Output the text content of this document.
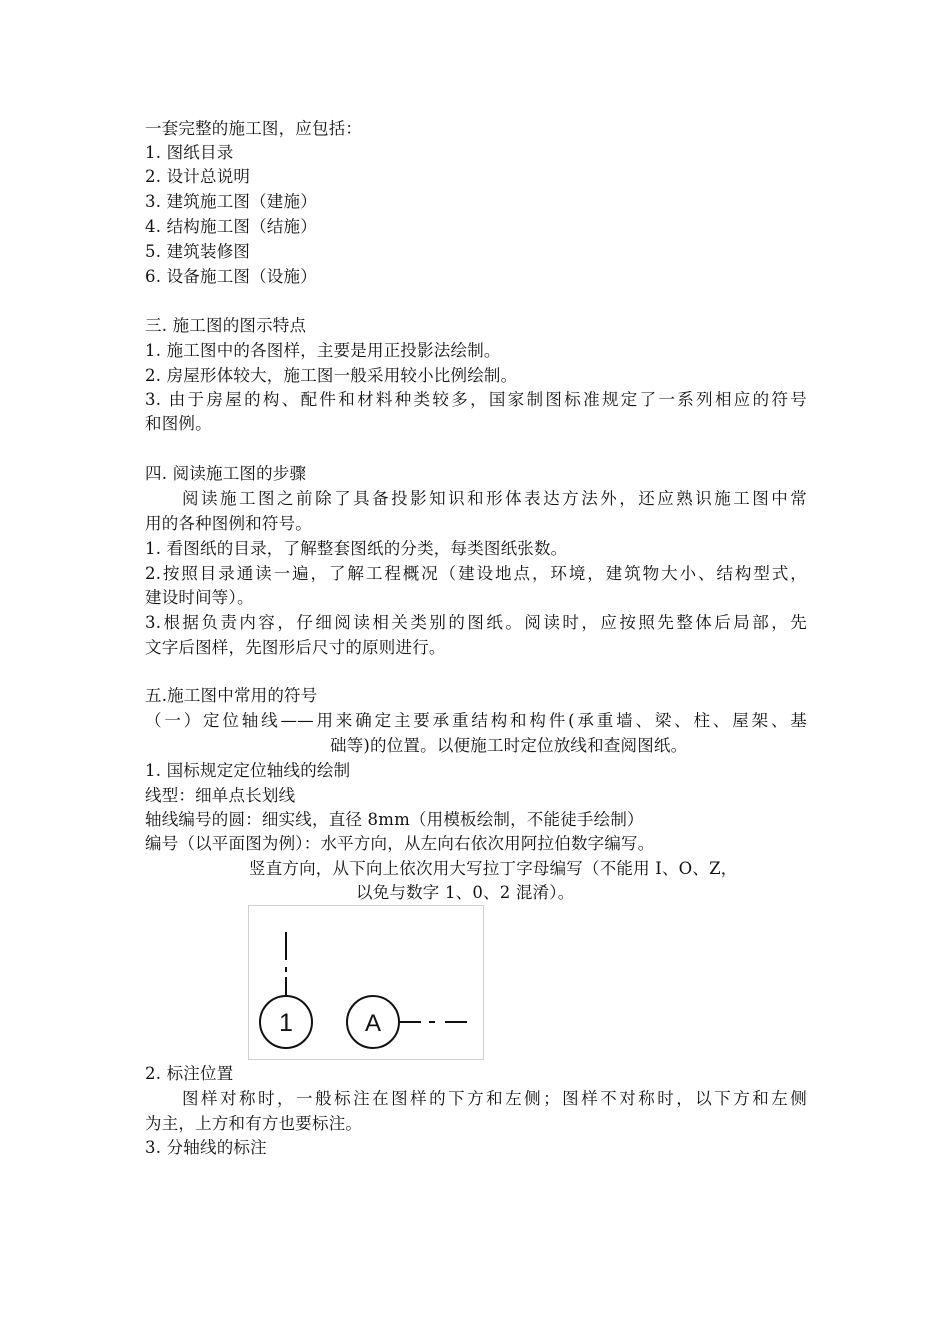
一套完整的施工图，应包括：
1. 图纸目录
2. 设计总说明
3. 建筑施工图（建施）
4. 结构施工图（结施）
5. 建筑装修图
6. 设备施工图（设施）
三. 施工图的图示特点
1. 施工图中的各图样，主要是用正投影法绘制。
2. 房屋形体较大，施工图一般采用较小比例绘制。
3. 由于房屋的构、配件和材料种类较多，国家制图标准规定了一系列相应的符号
和图例。
四. 阅读施工图的步骤
阅读施工图之前除了具备投影知识和形体表达方法外，还应熟识施工图中常
用的各种图例和符号。
1. 看图纸的目录，了解整套图纸的分类，每类图纸张数。
2.按照目录通读一遍，了解工程概况（建设地点，环境，建筑物大小、结构型式，
建设时间等）。
3.根据负责内容，仔细阅读相关类别的图纸。阅读时，应按照先整体后局部，先
文字后图样，先图形后尺寸的原则进行。
五.施工图中常用的符号
（一）定位轴线——用来确定主要承重结构和构件(承重墙、梁、柱、屋架、基
础等)的位置。以便施工时定位放线和查阅图纸。
1. 国标规定定位轴线的绘制
线型：细单点长划线
轴线编号的圆：细实线，直径 8mm（用模板绘制，不能徒手绘制）
编号（以平面图为例）：水平方向，从左向右依次用阿拉伯数字编写。
竖直方向，从下向上依次用大写拉丁字母编写（不能用 I、O、Z，
以免与数字 1、0、2 混淆）。
1	A
2. 标注位置
图样对称时，一般标注在图样的下方和左侧；图样不对称时，以下方和左侧
为主，上方和有方也要标注。
3. 分轴线的标注
